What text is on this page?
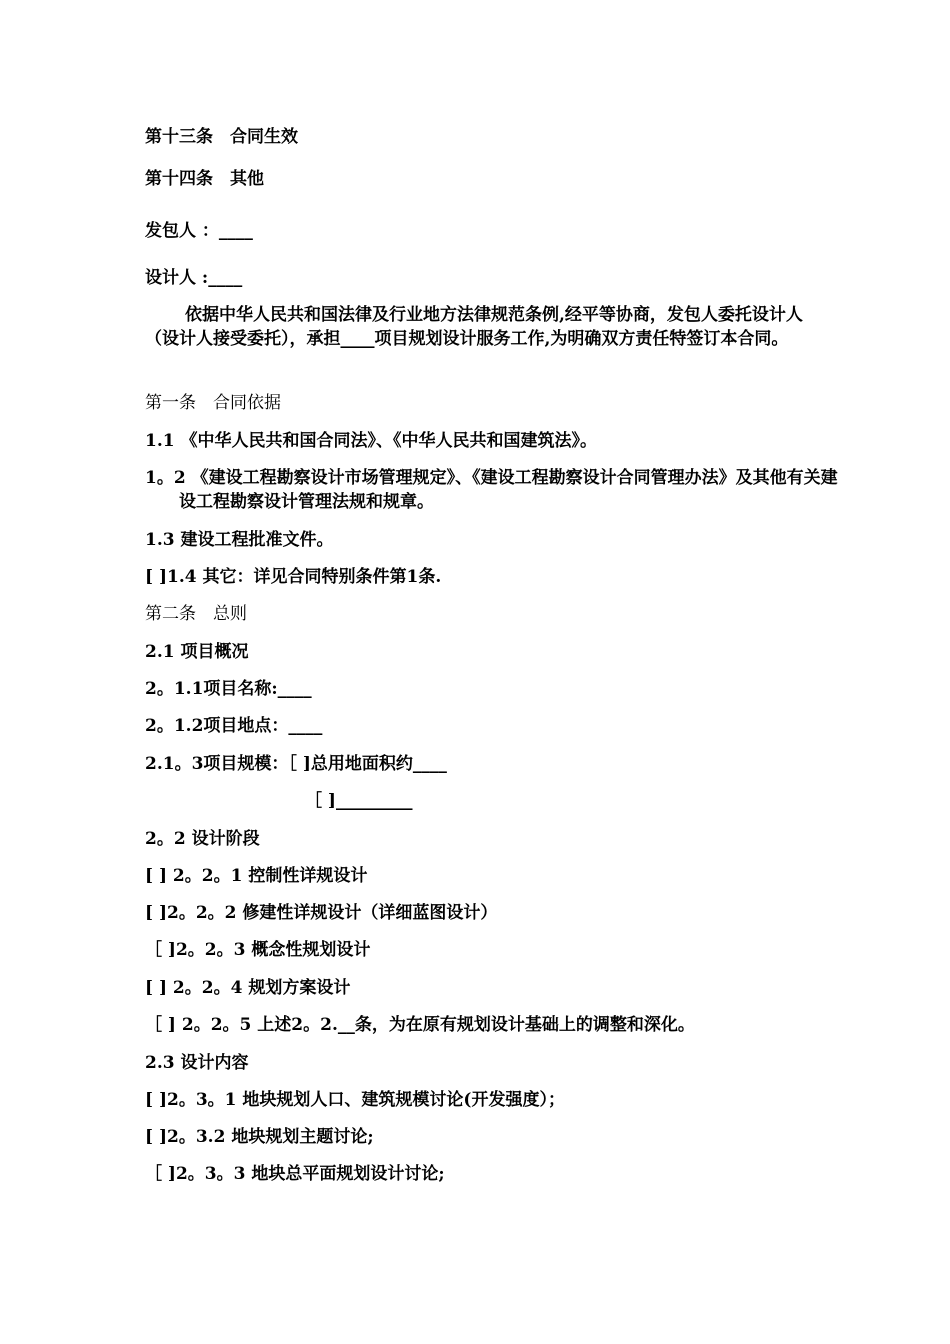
第十三条　合同生效
第十四条　其他
发包人 ：____
设计人 :____
依据中华人民共和国法律及行业地方法律规范条例,经平等协商，发包人委托设计人（设计人接受委托），承担____项目规划设计服务工作,为明确双方责任特签订本合同。
第一条　合同依据
1.1 《中华人民共和国合同法》、《中华人民共和国建筑法》。
1。2 《建设工程勘察设计市场管理规定》、《建设工程勘察设计合同管理办法》及其他有关建设工程勘察设计管理法规和规章。
1.3 建设工程批准文件。
[ ]1.4 其它：详见合同特别条件第1条.
第二条　总则
2.1 项目概况
2。1.1项目名称:____
2。1.2项目地点：____
2.1。3项目规模：［ ]总用地面积约____
［ ]_________
2。2 设计阶段
[ ] 2。2。1 控制性详规设计
[ ]2。2。2 修建性详规设计（详细蓝图设计）
［ ]2。2。3 概念性规划设计
[ ] 2。2。4 规划方案设计
［ ] 2。2。5 上述2。2.__条，为在原有规划设计基础上的调整和深化。
2.3 设计内容
[ ]2。3。1 地块规划人口、建筑规模讨论(开发强度）；
[ ]2。3.2 地块规划主题讨论;
［ ]2。3。3 地块总平面规划设计讨论;
